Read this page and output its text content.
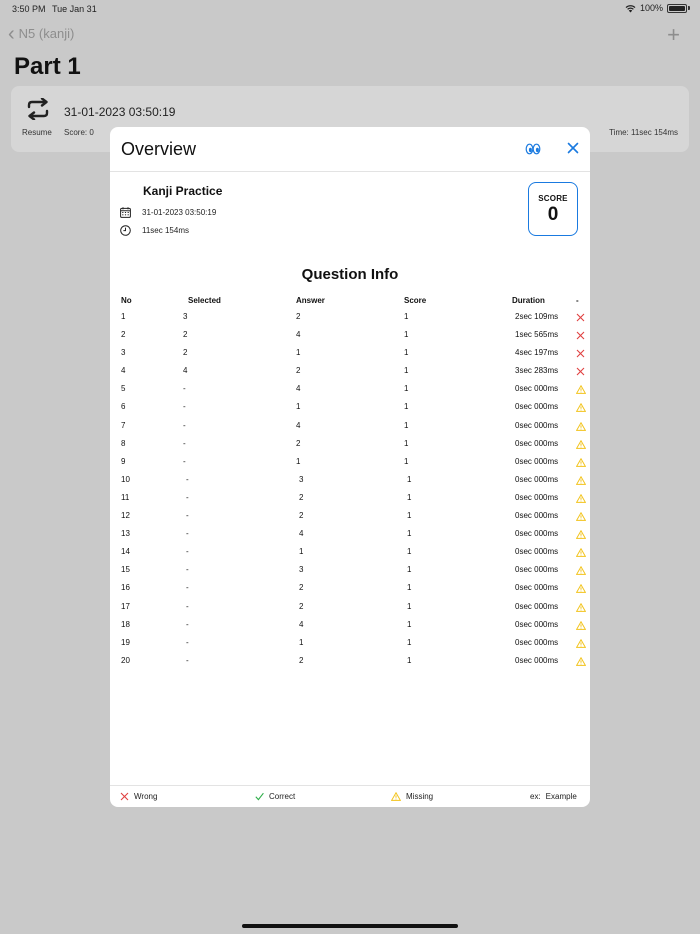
3:50 PM Tue Jan 31	100%
‹ N5 (kanji)	+
Part 1
31-01-2023 03:50:19
Resume Score: 0	Time: 11sec 154ms
Overview
Kanji Practice
31-01-2023 03:50:19
11sec 154ms
SCORE
0
Question Info
No	Selected	Answer	Score	Duration	-
1	3	2	1	2sec 109ms
2	2	4	1	1sec 565ms
3	2	1	1	4sec 197ms
4	4	2	1	3sec 283ms
5	-	4	1	0sec 000ms
6	-	1	1	0sec 000ms
7	-	4	1	0sec 000ms
8	-	2	1	0sec 000ms
9	-	1	1	0sec 000ms
10	-	3	1	0sec 000ms
11	-	2	1	0sec 000ms
12	-	2	1	0sec 000ms
13	-	4	1	0sec 000ms
14	-	1	1	0sec 000ms
15	-	3	1	0sec 000ms
16	-	2	1	0sec 000ms
17	-	2	1	0sec 000ms
18	-	4	1	0sec 000ms
19	-	1	1	0sec 000ms
20	-	2	1	0sec 000ms
Wrong	Correct	Missing	ex: Example
